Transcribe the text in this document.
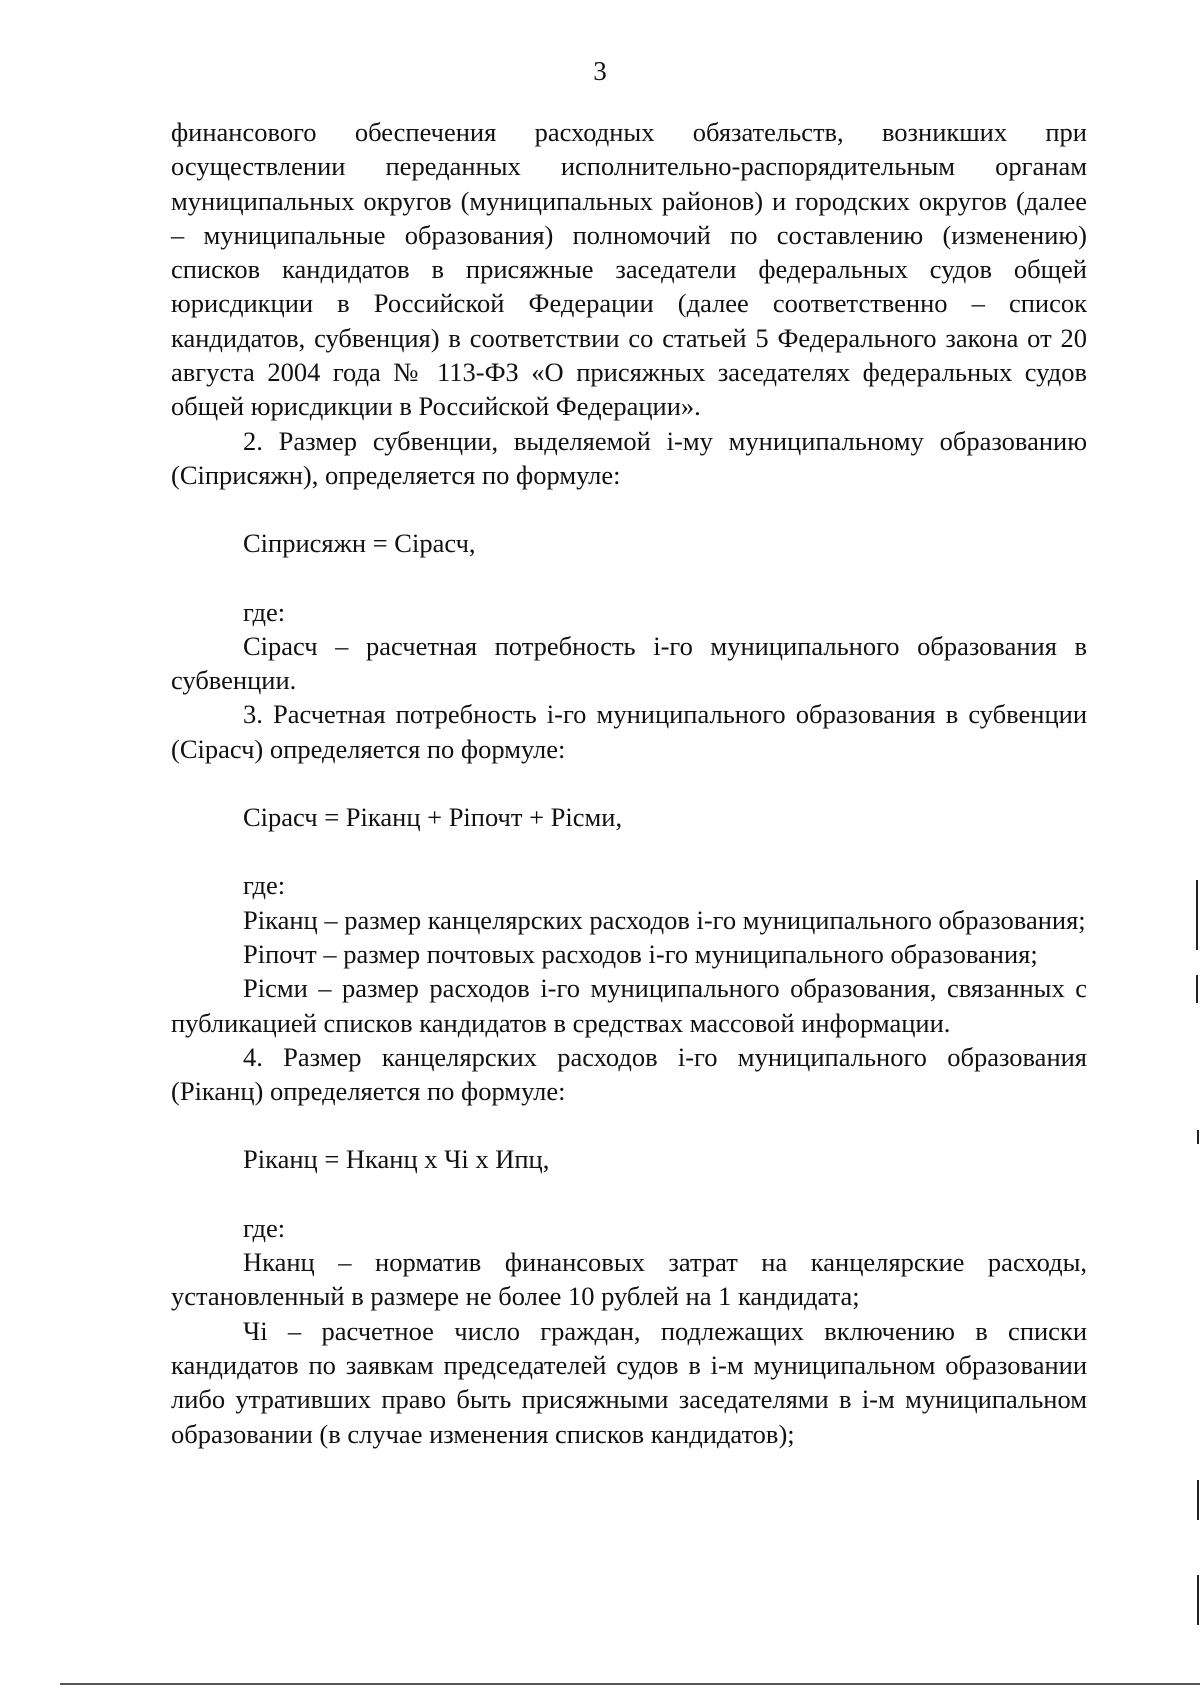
3

финансового обеспечения расходных обязательств, возникших при осуществлении переданных исполнительно-распорядительным органам муниципальных округов (муниципальных районов) и городских округов (далее – муниципальные образования) полномочий по составлению (изменению) списков кандидатов в присяжные заседатели федеральных судов общей юрисдикции в Российской Федерации (далее соответственно – список кандидатов, субвенция) в соответствии со статьей 5 Федерального закона от 20 августа 2004 года № 113-ФЗ «О присяжных заседателях федеральных судов общей юрисдикции в Российской Федерации».

2. Размер субвенции, выделяемой i-му муниципальному образованию (Сiприсяжн), определяется по формуле:

Сiприсяжн = Сiрасч,

где:

Сiрасч – расчетная потребность i-го муниципального образования в субвенции.

3. Расчетная потребность i-го муниципального образования в субвенции (Сiрасч) определяется по формуле:

Сiрасч = Рiканц + Рiпочт + Рiсми,

где:

Рiканц – размер канцелярских расходов i-го муниципального образования;

Рiпочт – размер почтовых расходов i-го муниципального образования;

Рiсми – размер расходов i-го муниципального образования, связанных с публикацией списков кандидатов в средствах массовой информации.

4. Размер канцелярских расходов i-го муниципального образования (Рiканц) определяется по формуле:

Рiканц = Нканц х Чi х Ипц,

где:

Нканц – норматив финансовых затрат на канцелярские расходы, установленный в размере не более 10 рублей на 1 кандидата;

Чi – расчетное число граждан, подлежащих включению в списки кандидатов по заявкам председателей судов в i-м муниципальном образовании либо утративших право быть присяжными заседателями в i-м муниципальном образовании (в случае изменения списков кандидатов);
